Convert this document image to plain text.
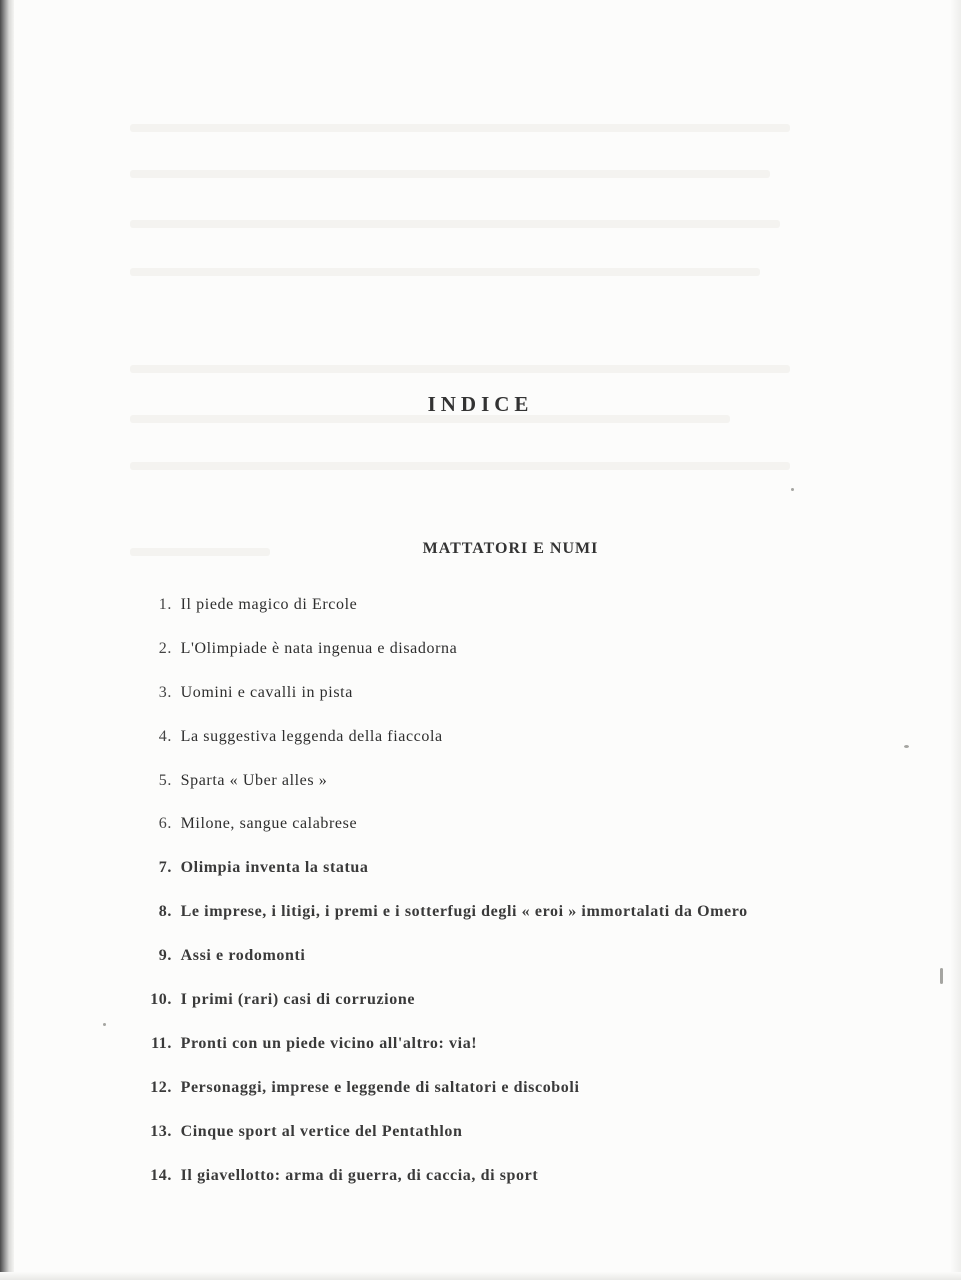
INDICE
MATTATORI E NUMI
1. Il piede magico di Ercole
2. L'Olimpiade è nata ingenua e disadorna
3. Uomini e cavalli in pista
4. La suggestiva leggenda della fiaccola
5. Sparta « Uber alles »
6. Milone, sangue calabrese
7. Olimpia inventa la statua
8. Le imprese, i litigi, i premi e i sotterfugi degli « eroi » immortalati da Omero
9. Assi e rodomonti
10. I primi (rari) casi di corruzione
11. Pronti con un piede vicino all'altro: via!
12. Personaggi, imprese e leggende di saltatori e discoboli
13. Cinque sport al vertice del Pentathlon
14. Il giavellotto: arma di guerra, di caccia, di sport
